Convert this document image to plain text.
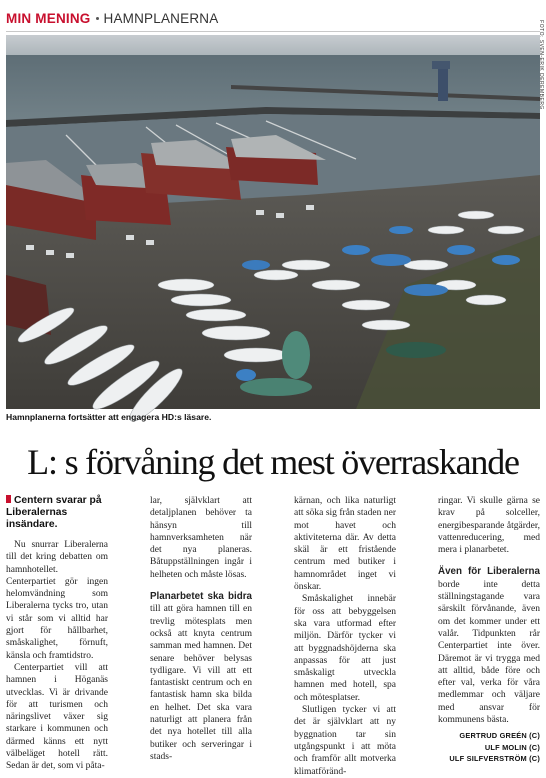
MIN MENING HAMNPLANERNA
FOTO: SVEN-ERIK DEREMBERG
Hamnplanerna fortsätter att engagera HD:s läsare.
L: s förvåning det mest överraskande

Centern svarar på Liberalernas insändare.

Nu snurrar Liberalerna till det kring debatten om hamnhotellet. Centerpartiet gör ingen helomvändning som Liberalerna tycks tro, utan vi står som vi alltid har gjort för hållbarhet, småskalighet, förnuft, känsla och framtidstro.

Centerpartiet vill att hamnen i Höganäs utvecklas. Vi är drivande för att turismen och näringslivet växer sig starkare i kommunen och därmed känns ett nytt välbeläget hotell rätt. Sedan är det, som vi påta-

lar, självklart att detaljplanen behöver ta hänsyn till hamnverksamheten när det nya planeras. Båtuppställningen ingår i helheten och måste lösas.

Planarbetet ska bidra till att göra hamnen till en trevlig mötesplats men också att knyta centrum samman med hamnen. Det senare behöver belysas tydligare. Vi vill att ett fantastiskt centrum och en fantastisk hamn ska bilda en helhet. Det ska vara naturligt att planera från det nya hotellet till alla butiker och serveringar i stads-

kärnan, och lika naturligt att söka sig från staden ner mot havet och aktiviteterna där. Av detta skäl är ett fristående centrum med butiker i hamnområdet inget vi önskar.

Småskalighet innebär för oss att bebyggelsen ska vara utformad efter miljön. Därför tycker vi att byggnadshöjderna ska anpassas för att just småskaligt utveckla hamnen med hotell, spa och mötesplatser.

Slutligen tycker vi att det är självklart att ny byggnation tar sin utgångspunkt i att möta och framför allt motverka klimatföränd-

ringar. Vi skulle gärna se krav på solceller, energibesparande åtgärder, vattenreducering, med mera i planarbetet.

Även för Liberalerna borde inte detta ställningstagande vara särskilt förvånande, även om det kommer under ett valår. Tidpunkten rår Centerpartiet inte över. Däremot är vi trygga med att alltid, både före och efter val, verka för våra medlemmar och väljare med ansvar för kommunens bästa.

GERTRUD GREÉN (C)
ULF MOLIN (C)
ULF SILFVERSTRÖM (C)
